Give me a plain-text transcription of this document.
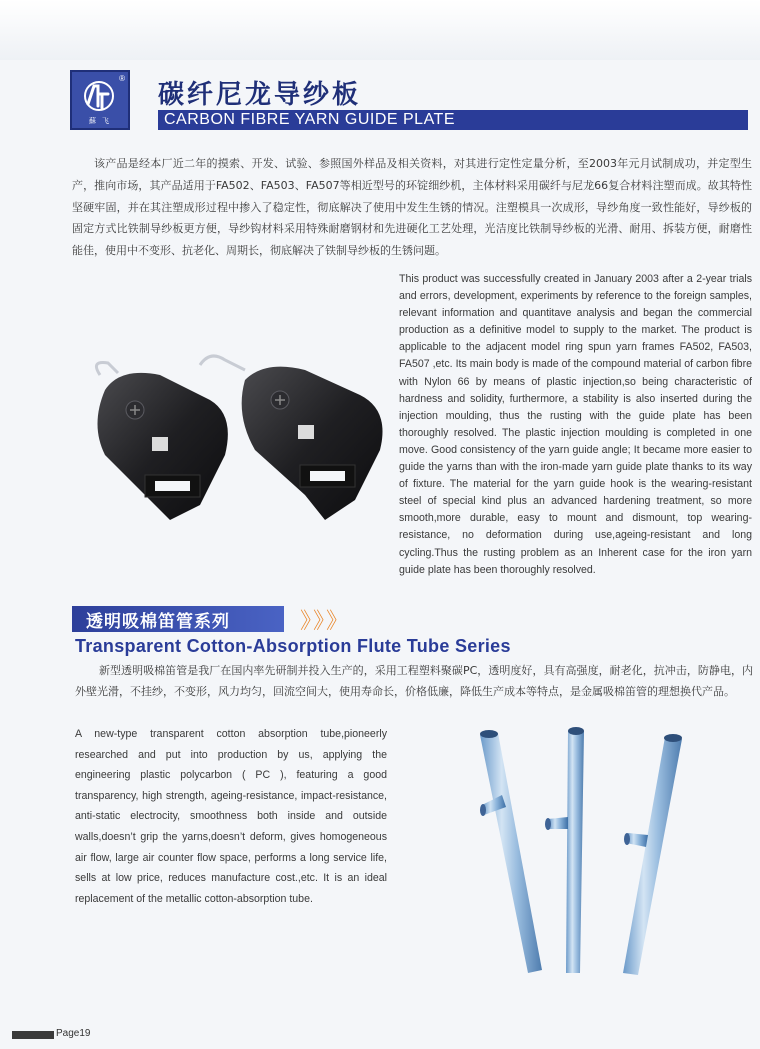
®
蘇 飞
碳纤尼龙导纱板
CARBON FIBRE YARN GUIDE PLATE

该产品是经本厂近二年的摸索、开发、试验、参照国外样品及相关资料，对其进行定性定量分析，至2003年元月试制成功，并定型生产，推向市场，其产品适用于FA502、FA503、FA507等相近型号的环锭细纱机，主体材料采用碳纤与尼龙66复合材料注塑而成。故其特性坚硬牢固，并在其注塑成形过程中掺入了稳定性，彻底解决了使用中发生生锈的情况。注塑模具一次成形，导纱角度一致性能好，导纱板的固定方式比铁制导纱板更方便，导纱钩材料采用特殊耐磨钢材和先进硬化工艺处理，光洁度比铁制导纱板的光滑、耐用、拆装方便，耐磨性能佳，使用中不变形、抗老化、周期长，彻底解决了铁制导纱板的生锈问题。

This product was successfully created in January 2003 after a 2-year trials and errors, development, experiments by reference to the foreign samples, relevant information and quantitave analysis and began the commercial production as a definitive model to supply to the market. The product is applicable to the adjacent model ring spun yarn frames FA502, FA503, FA507 ,etc. Its main body is made of the compound material of carbon fibre with Nylon 66 by means of plastic injection,so being characteristic of hardness and solidity, furthermore, a stability is also inserted during the injection moulding, thus the rusting with the guide plate has been thoroughly resolved. The plastic injection moulding is completed in one move. Good consistency of the yarn guide angle; It became more easier to guide the yarns than with the iron-made yarn guide plate thanks to its way of fixture. The material for the yarn guide hook is the wearing-resistant steel of special kind plus an advanced hardening treatment, so more smooth,more durable, easy to mount and dismount, top wearing-resistance, no deformation during use,ageing-resistant and long cycling.Thus the rusting problem as an Inherent case for the iron yarn guide plate has been thoroughly resolved.

透明吸棉笛管系列	》》》
Transparent Cotton-Absorption Flute Tube Series

新型透明吸棉笛管是我厂在国内率先研制并投入生产的，采用工程塑料聚碳PC，透明度好，具有高强度，耐老化，抗冲击，防静电，内外壁光滑，不挂纱，不变形，风力均匀，回流空间大，使用寿命长，价格低廉，降低生产成本等特点，是金属吸棉笛管的理想换代产品。

A new-type transparent cotton absorption tube,pioneerly researched and put into production by us, applying the engineering plastic polycarbon ( PC ), featuring a good transparency, high strength, ageing-resistance, impact-resistance, anti-static electrocity, smoothness both inside and outside walls,doesn’t grip the yarns,doesn’t deform, gives homogeneous air flow, large air counter flow space, performs a long service life, sells at low price, reduces manufacture cost.,etc. It is an ideal replacement of the metallic cotton-absorption tube.

Page19
